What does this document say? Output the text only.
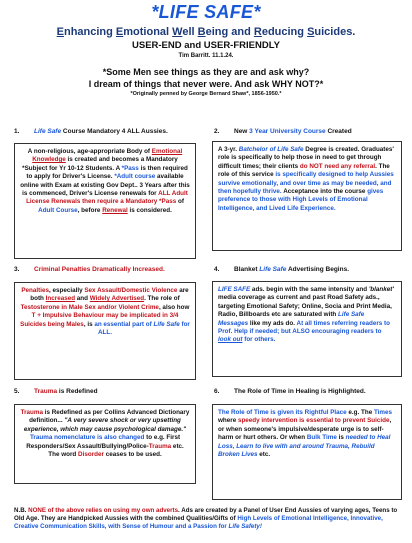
*LIFE SAFE*
Enhancing Emotional Well Being and Reducing Suicides.
USER-END and USER-FRIENDLY
Tim Barritt. 11.1.24.
*Some Men see things as they are and ask why?
I dream of things that never were. And ask WHY NOT?*
*Originally penned by George Bernard Shaw*, 1856-1950.*
1. Life Safe Course Mandatory 4 ALL Aussies.
A non-religious, age-appropriate Body of Emotional Knowledge is created and becomes a Mandatory *Subject for Yr 10-12 Students. A *Pass is then required to apply for Driver's License. *Adult course available online with Exam at existing Gov Dept.. 3 Years after this is commenced, Driver's License renewals for ALL Adult License Renewals then require a Mandatory *Pass of Adult Course, before Renewal is considered.
2. New 3 Year University Course Created
A 3-yr. Batchelor of Life Safe Degree is created. Graduates' role is specifically to help those in need to get through difficult times; their clients do NOT need any referral. The role of this service is specifically designed to help Aussies survive emotionally, and over time as may be needed, and then hopefully thrive. Acceptance into the course gives preference to those with High Levels of Emotional Intelligence, and Lived Life Experience.
3. Criminal Penalties Dramatically Increased.
Penalties, especially Sex Assault/Domestic Violence are both Increased and Widely Advertised. The role of Testosterone in Male Sex and/or Violent Crime, also how T + Impulsive Behaviour may be implicated in 3/4 Suicides being Males, is an essential part of Life Safe for ALL.
4. Blanket Life Safe Advertising Begins.
LIFE SAFE ads. begin with the same intensity and 'blanket' media coverage as current and past Road Safety ads., targeting Emotional Safety; Online, Socia and Print Media, Radio, Billboards etc are saturated with Life Safe Messages like my ads do. At all times referring readers to Prof. Help if needed; but ALSO encouraging readers to look out for others.
5. Trauma is Redefined
Trauma is Redefined as per Collins Advanced Dictionary definition... "A very severe shock or very upsetting experience, which may cause psychological damage." Trauma nomenclature is also changed to e.g. First Responders/Sex Assault/Bullying/Police-Trauma etc. The word Disorder ceases to be used.
6. The Role of Time in Healing is Highlighted.
The Role of Time is given its Rightful Place e.g. The Times where speedy intervention is essential to prevent Suicide, or when someone's impulsive/desperate urge is to self-harm or hurt others. Or when Bulk Time is needed to Heal Loss, Learn to live with and around Trauma, Rebuild Broken Lives etc.
N.B. NONE of the above relies on using my own adverts. Ads are created by a Panel of User End Aussies of varying ages, Teens to Old Age. They are Handpicked Aussies with the combined Qualities/Gifts of High Levels of Emotional Intelligence, Innovative, Creative Communication Skills, with Sense of Humour and a Passion for Life Safety!
